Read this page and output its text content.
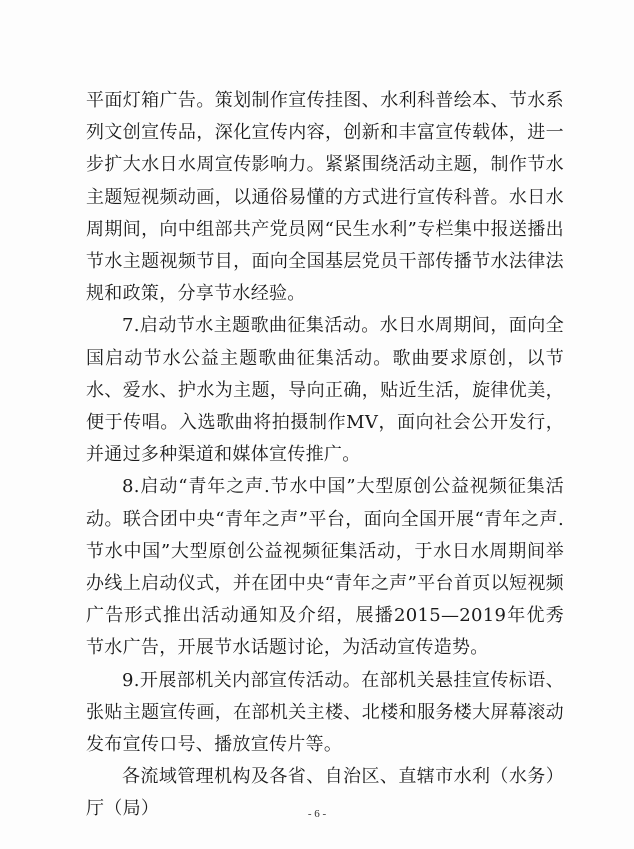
平面灯箱广告。策划制作宣传挂图、水利科普绘本、节水系列文创宣传品，深化宣传内容，创新和丰富宣传载体，进一步扩大水日水周宣传影响力。紧紧围绕活动主题，制作节水主题短视频动画，以通俗易懂的方式进行宣传科普。水日水周期间，向中组部共产党员网“民生水利”专栏集中报送播出节水主题视频节目，面向全国基层党员干部传播节水法律法规和政策，分享节水经验。

7.启动节水主题歌曲征集活动。水日水周期间，面向全国启动节水公益主题歌曲征集活动。歌曲要求原创，以节水、爱水、护水为主题，导向正确，贴近生活，旋律优美，便于传唱。入选歌曲将拍摄制作MV，面向社会公开发行，并通过多种渠道和媒体宣传推广。

8.启动“青年之声.节水中国”大型原创公益视频征集活动。联合团中央“青年之声”平台，面向全国开展“青年之声.节水中国”大型原创公益视频征集活动，于水日水周期间举办线上启动仪式，并在团中央“青年之声”平台首页以短视频广告形式推出活动通知及介绍，展播2015—2019年优秀节水广告，开展节水话题讨论，为活动宣传造势。

9.开展部机关内部宣传活动。在部机关悬挂宣传标语、张贴主题宣传画，在部机关主楼、北楼和服务楼大屏幕滚动发布宣传口号、播放宣传片等。

各流域管理机构及各省、自治区、直辖市水利（水务）厅（局）	- 6 -
